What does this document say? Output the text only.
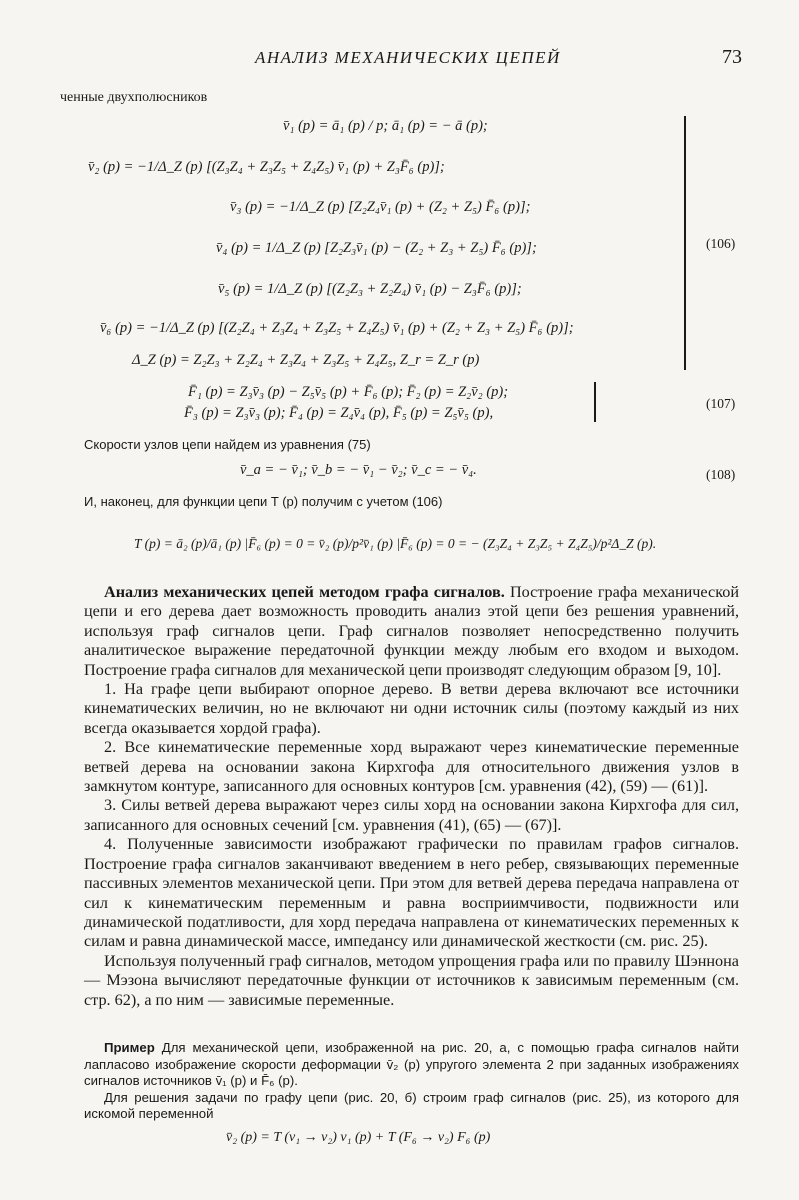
АНАЛИЗ МЕХАНИЧЕСКИХ ЦЕПЕЙ	73
ченные двухполюсников
v̄₁ (p) = ā₁ (p) / p; ā₁ (p) = − ā (p);
v̄₂ (p) = −1/Δ_Z (p) [(Z₃Z₄ + Z₃Z₅ + Z₄Z₅) v̄₁ (p) + Z₃F̄₆ (p)];
v̄₃ (p) = −1/Δ_Z (p) [Z₂Z₄v̄₁ (p) + (Z₂ + Z₅) F̄₆ (p)];
v̄₄ (p) = 1/Δ_Z (p) [Z₂Z₃v̄₁ (p) − (Z₂ + Z₃ + Z₅) F̄₆ (p)];
v̄₅ (p) = 1/Δ_Z (p) [(Z₂Z₃ + Z₂Z₄) v̄₁ (p) − Z₃F̄₆ (p)];
v̄₆ (p) = −1/Δ_Z (p) [(Z₂Z₄ + Z₃Z₄ + Z₃Z₅ + Z₄Z₅) v̄₁ (p) + (Z₂ + Z₃ + Z₅) F̄₆ (p)];
Δ_Z (p) = Z₂Z₃ + Z₂Z₄ + Z₃Z₄ + Z₃Z₅ + Z₄Z₅, Z_r = Z_r (p)
(106)
F̄₁ (p) = Z₃v̄₃ (p) − Z₅v̄₅ (p) + F̄₆ (p); F̄₂ (p) = Z₂v̄₂ (p);
F̄₃ (p) = Z₃v̄₃ (p); F̄₄ (p) = Z₄v̄₄ (p), F̄₅ (p) = Z₅v̄₅ (p),
(107)
Скорости узлов цепи найдем из уравнения (75)
v̄_a = − v̄₁; v̄_b = − v̄₁ − v̄₂; v̄_c = − v̄₄.	(108)
И, наконец, для функции цепи T (p) получим с учетом (106)
T (p) = ā₂ (p)/ā₁ (p) |F̄₆ (p) = 0 = v̄₂ (p)/p²v̄₁ (p) |F̄₆ (p) = 0 = − (Z₃Z₄ + Z₃Z₅ + Z₄Z₅)/p²Δ_Z (p).

Анализ механических цепей методом графа сигналов. Построение графа механической цепи и его дерева дает возможность проводить анализ этой цепи без решения уравнений, используя граф сигналов цепи. Граф сигналов позволяет непосредственно получить аналитическое выражение передаточной функции между любым его входом и выходом. Построение графа сигналов для механической цепи производят следующим образом [9, 10].

1. На графе цепи выбирают опорное дерево. В ветви дерева включают все источники кинематических величин, но не включают ни одни источник силы (поэтому каждый из них всегда оказывается хордой графа).

2. Все кинематические переменные хорд выражают через кинематические переменные ветвей дерева на основании закона Кирхгофа для относительного движения узлов в замкнутом контуре, записанного для основных контуров [см. уравнения (42), (59) — (61)].

3. Силы ветвей дерева выражают через силы хорд на основании закона Кирхгофа для сил, записанного для основных сечений [см. уравнения (41), (65) — (67)].

4. Полученные зависимости изображают графически по правилам графов сигналов. Построение графа сигналов заканчивают введением в него ребер, связывающих переменные пассивных элементов механической цепи. При этом для ветвей дерева передача направлена от сил к кинематическим переменным и равна восприимчивости, подвижности или динамической податливости, для хорд передача направлена от кинематических переменных к силам и равна динамической массе, импедансу или динамической жесткости (см. рис. 25).

Используя полученный граф сигналов, методом упрощения графа или по правилу Шэннона — Мэзона вычисляют передаточные функции от источников к зависимым переменным (см. стр. 62), а по ним — зависимые переменные.

Пример Для механической цепи, изображенной на рис. 20, а, с помощью графа сигналов найти лапласово изображение скорости деформации v̄₂ (p) упругого элемента 2 при заданных изображениях сигналов источников v̄₁ (p) и F̄₆ (p).

Для решения задачи по графу цепи (рис. 20, б) строим граф сигналов (рис. 25), из которого для искомой переменной

v̄₂ (p) = T (v₁ → v₂) v₁ (p) + T (F₆ → v₂) F₆ (p)
